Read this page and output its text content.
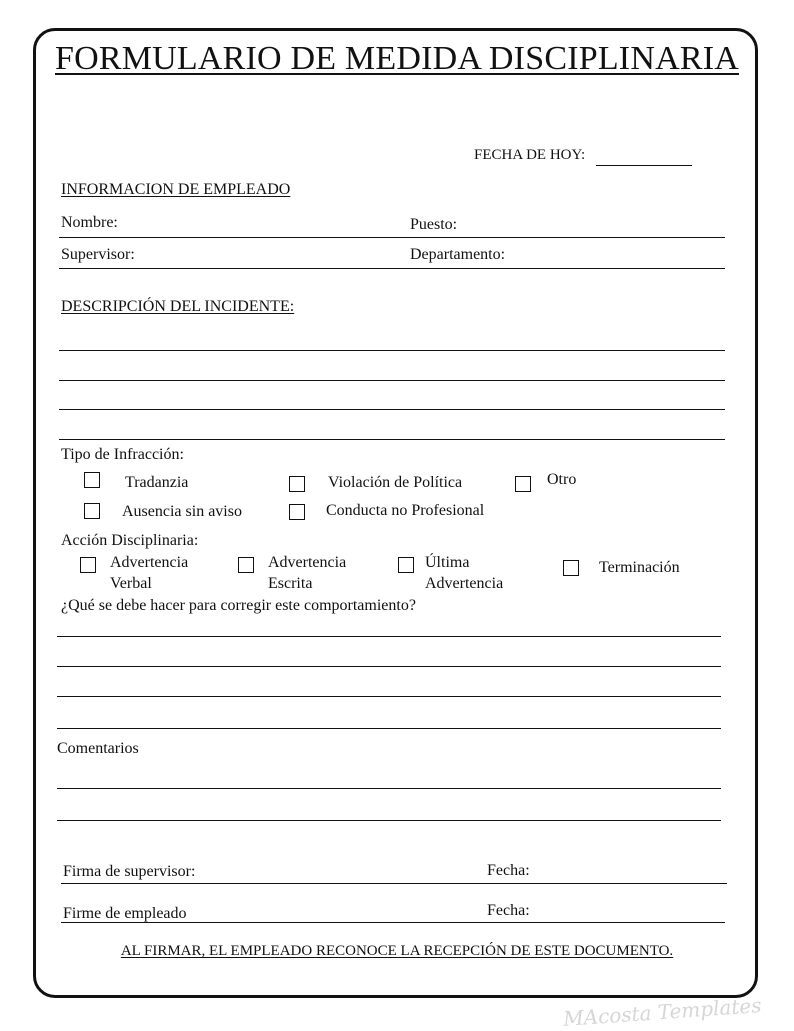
FORMULARIO DE MEDIDA DISCIPLINARIA
FECHA DE HOY:
INFORMACION DE EMPLEADO
Nombre:	Puesto:
Supervisor:	Departamento:
DESCRIPCIÓN DEL INCIDENTE:
Tipo de Infracción:
Tradanzia	Violación de Política	Otro
Ausencia sin aviso	Conducta no Profesional
Acción Disciplinaria:
Advertencia
Verbal
Advertencia
Escrita
Última
Advertencia
Terminación
¿Qué se debe hacer para corregir este comportamiento?
Comentarios
Firma de supervisor:	Fecha:
Firme de empleado	Fecha:
AL FIRMAR, EL EMPLEADO RECONOCE LA RECEPCIÓN DE ESTE DOCUMENTO.
MAcosta Templates
